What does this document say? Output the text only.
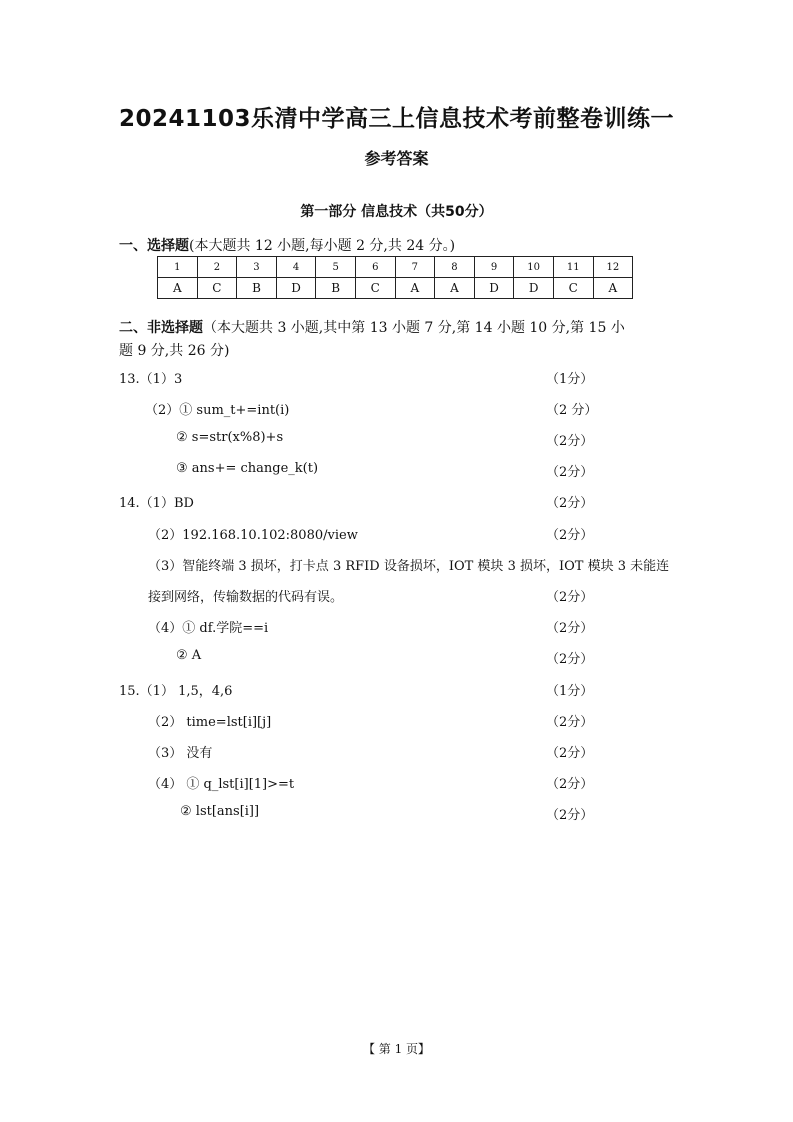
20241103乐清中学高三上信息技术考前整卷训练一
参考答案
第一部分 信息技术（共50分）
一、选择题(本大题共 12 小题,每小题 2 分,共 24 分。)
1	2	3	4	5	6	7	8	9	10	11	12
A	C	B	D	B	C	A	A	D	D	C	A
二、非选择题（本大题共 3 小题,其中第 13 小题 7 分,第 14 小题 10 分,第 15 小
题 9 分,共 26 分)
13.（1）3	（1分）
（2）① sum_t+=int(i)	（2 分）
② s=str(x%8)+s	（2分）
③ ans+= change_k(t)	（2分）
14.（1）BD	（2分）
（2）192.168.10.102:8080/view	（2分）
（3）智能终端 3 损坏，打卡点 3 RFID 设备损坏，IOT 模块 3 损坏，IOT 模块 3 未能连
接到网络，传输数据的代码有误。	（2分）
（4）① df.学院==i	（2分）
② A	（2分）
15.（1） 1,5，4,6	（1分）
（2） time=lst[i][j]	（2分）
（3） 没有	（2分）
（4） ① q_lst[i][1]>=t	（2分）
② lst[ans[i]]	（2分）
【 第 1 页】
